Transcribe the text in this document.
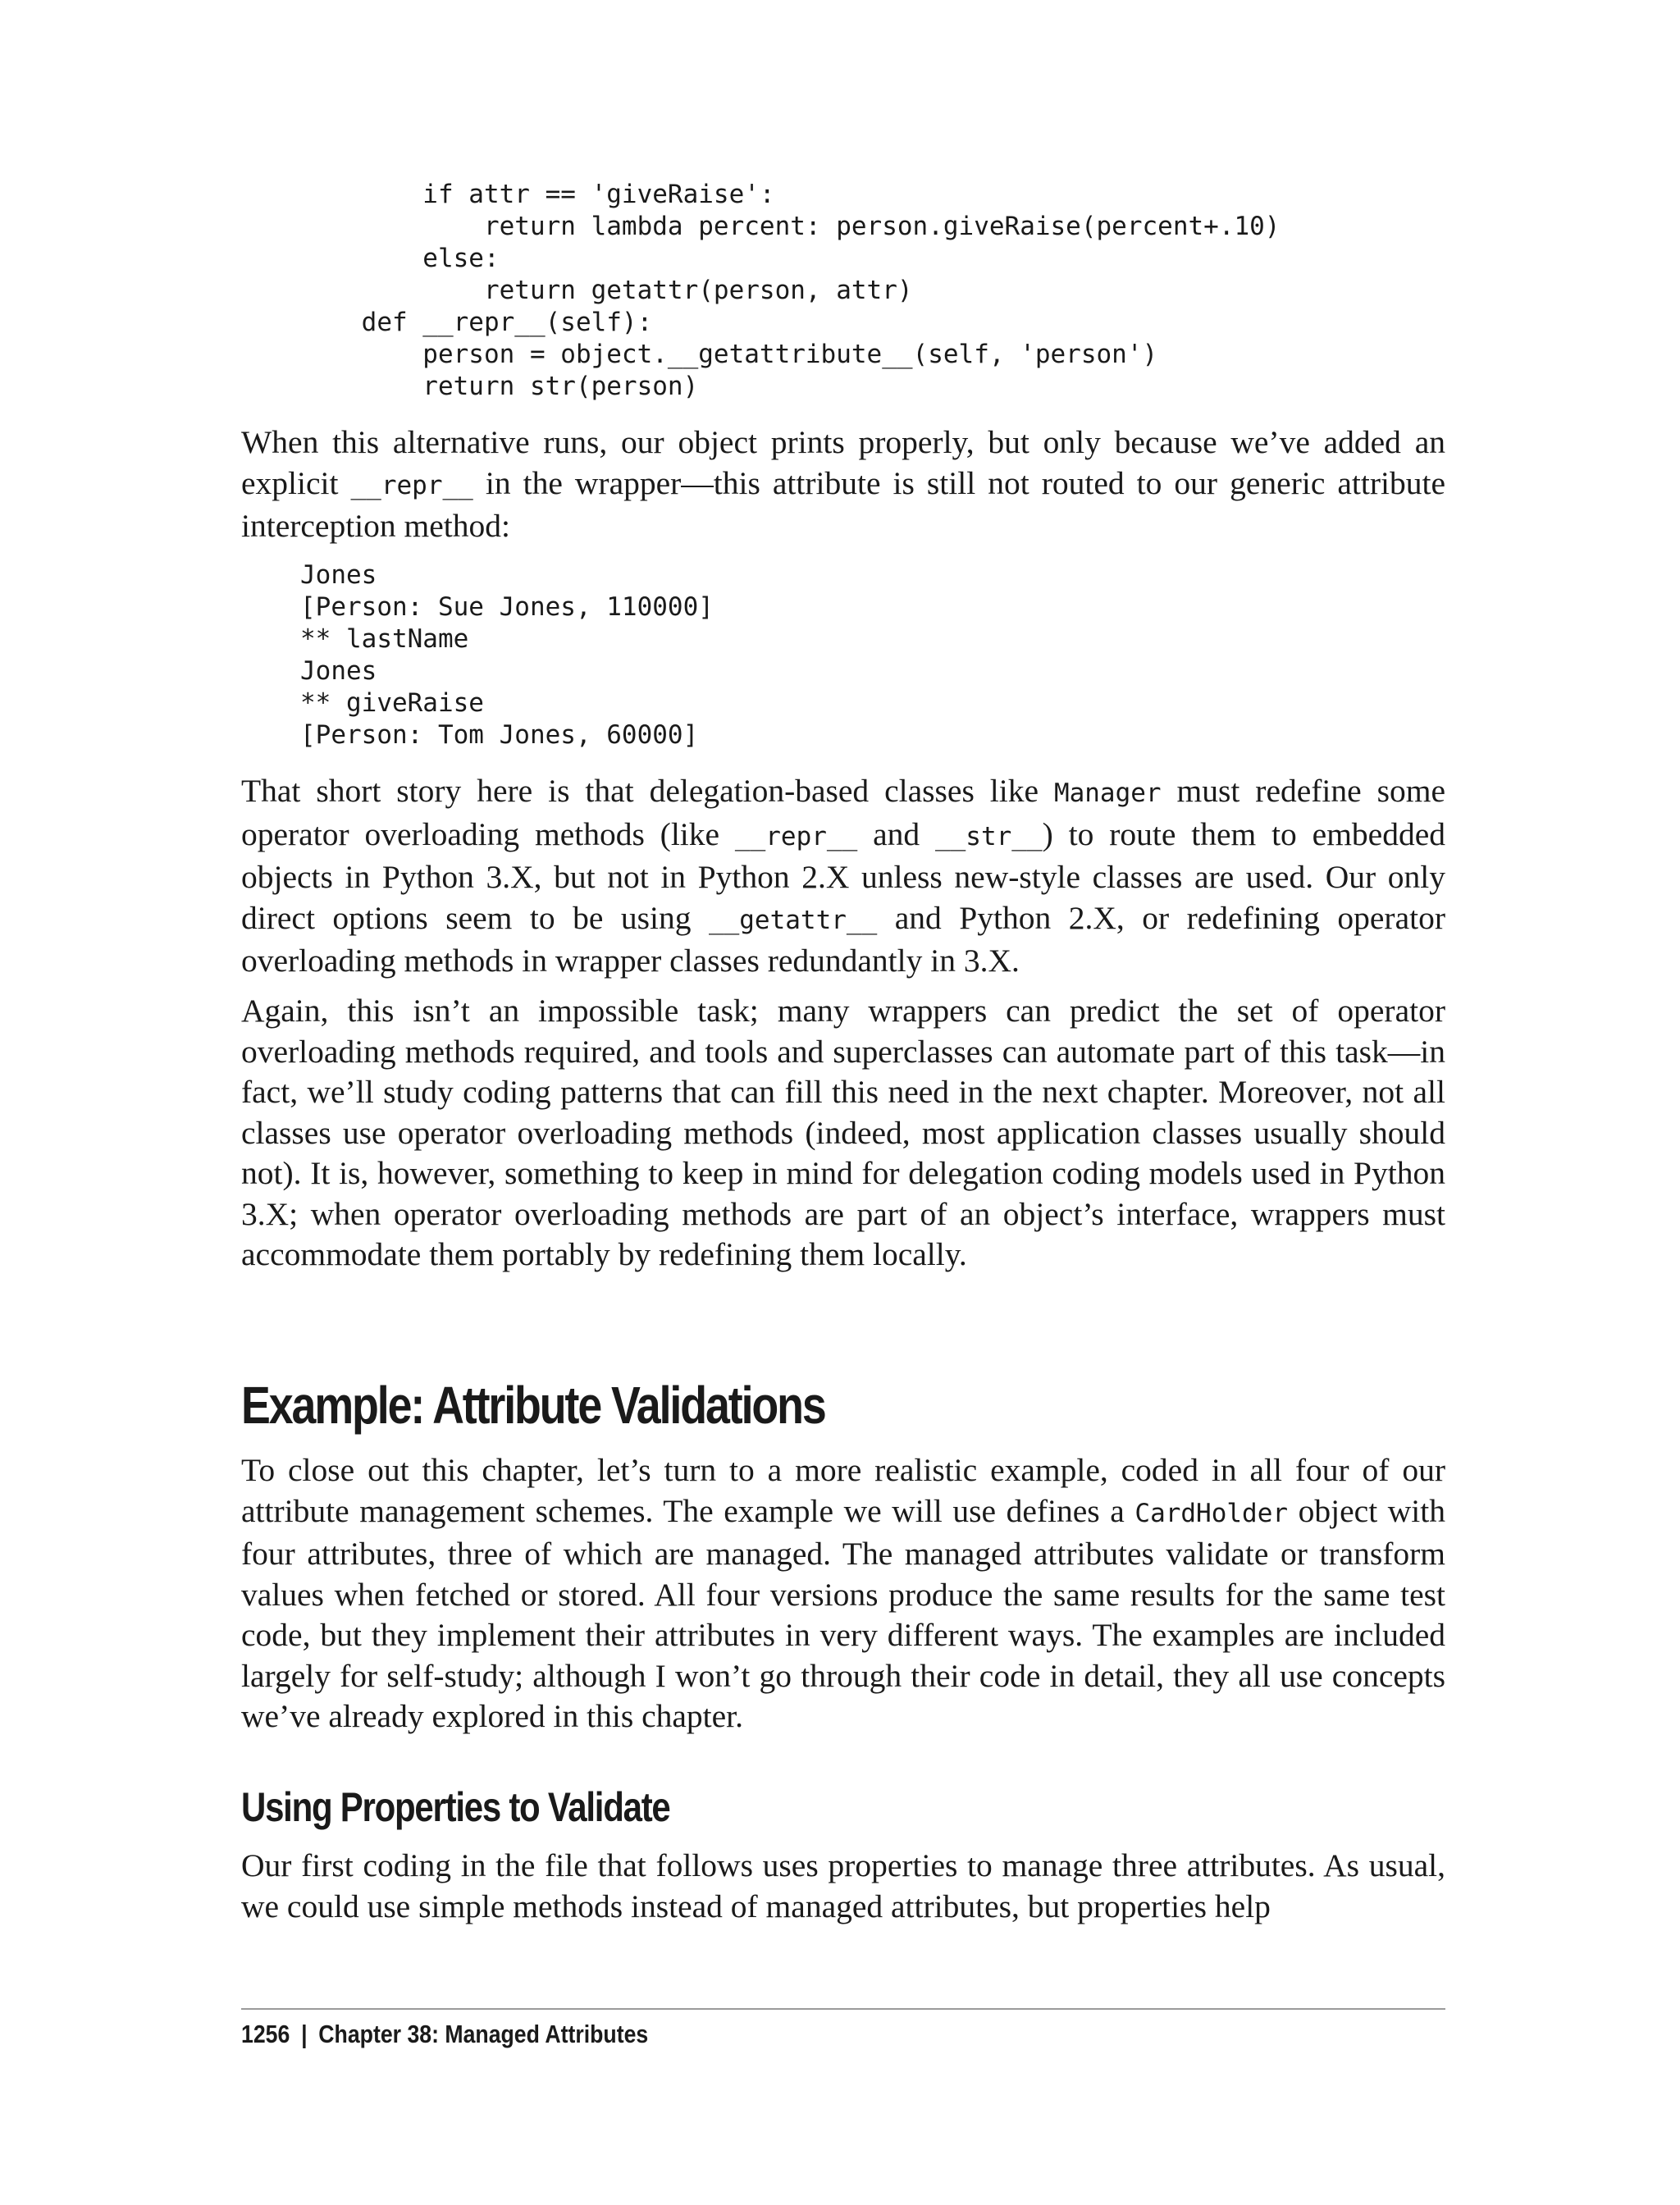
if attr == 'giveRaise':
return lambda percent: person.giveRaise(percent+.10)
else:
return getattr(person, attr)
def __repr__(self):
person = object.__getattribute__(self, 'person')
return str(person)

When this alternative runs, our object prints properly, but only because we’ve added an explicit __repr__ in the wrapper—this attribute is still not routed to our generic attribute interception method:

Jones
[Person: Sue Jones, 110000]
** lastName
Jones
** giveRaise
[Person: Tom Jones, 60000]

That short story here is that delegation-based classes like Manager must redefine some operator overloading methods (like __repr__ and __str__) to route them to embedded objects in Python 3.X, but not in Python 2.X unless new-style classes are used. Our only direct options seem to be using __getattr__ and Python 2.X, or redefining operator overloading methods in wrapper classes redundantly in 3.X.

Again, this isn’t an impossible task; many wrappers can predict the set of operator overloading methods required, and tools and superclasses can automate part of this task—in fact, we’ll study coding patterns that can fill this need in the next chapter. Moreover, not all classes use operator overloading methods (indeed, most application classes usually should not). It is, however, something to keep in mind for delegation coding models used in Python 3.X; when operator overloading methods are part of an object’s interface, wrappers must accommodate them portably by redefining them locally.

Example: Attribute Validations

To close out this chapter, let’s turn to a more realistic example, coded in all four of our attribute management schemes. The example we will use defines a CardHolder object with four attributes, three of which are managed. The managed attributes validate or transform values when fetched or stored. All four versions produce the same results for the same test code, but they implement their attributes in very different ways. The examples are included largely for self-study; although I won’t go through their code in detail, they all use concepts we’ve already explored in this chapter.

Using Properties to Validate

Our first coding in the file that follows uses properties to manage three attributes. As usual, we could use simple methods instead of managed attributes, but properties help

1256 | Chapter 38: Managed Attributes
